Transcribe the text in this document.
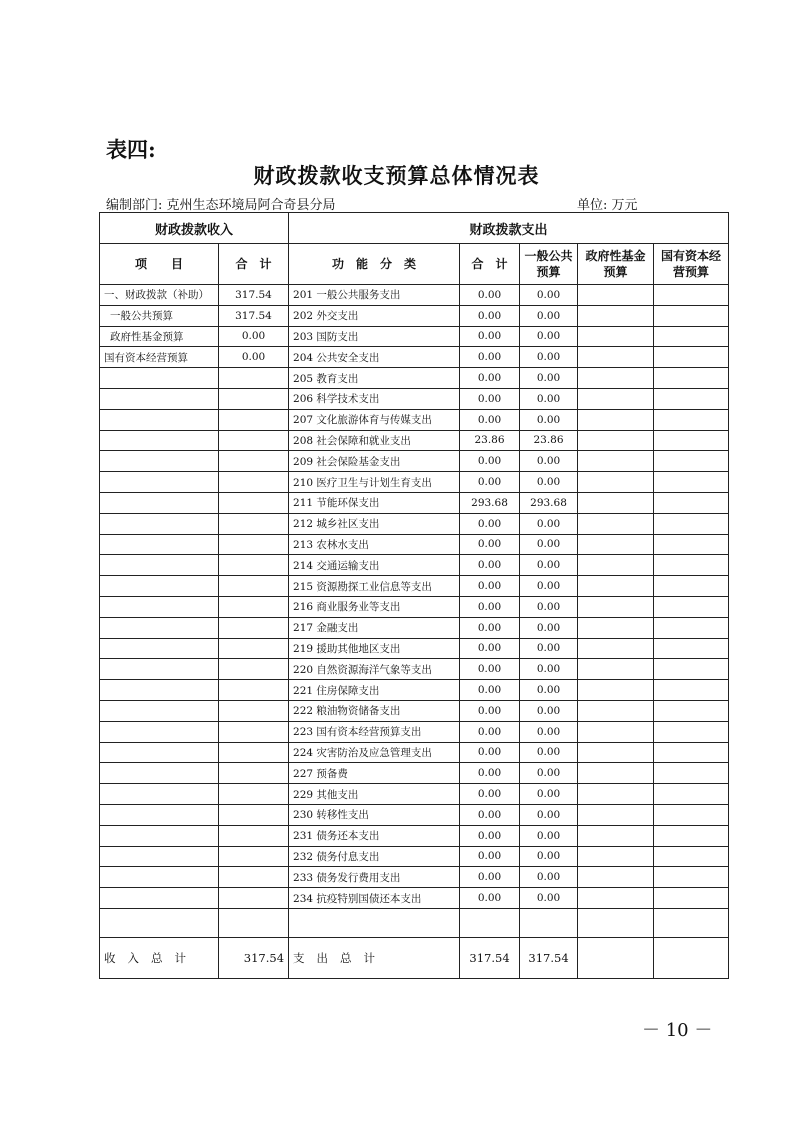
表四:
财政拨款收支预算总体情况表
编制部门: 克州生态环境局阿合奇县分局	单位: 万元
财政拨款收入		财政拨款支出				
项　　目	合　计	功　能　分　类	合　计	一般公共预算	政府性基金预算	国有资本经营预算
一、财政拨款（补助）	317.54	201 一般公共服务支出	0.00	0.00		
一般公共预算	317.54	202 外交支出	0.00	0.00		
政府性基金预算	0.00	203 国防支出	0.00	0.00		
国有资本经营预算	0.00	204 公共安全支出	0.00	0.00		
		205 教育支出	0.00	0.00		
		206 科学技术支出	0.00	0.00		
		207 文化旅游体育与传媒支出	0.00	0.00		
		208 社会保障和就业支出	23.86	23.86		
		209 社会保险基金支出	0.00	0.00		
		210 医疗卫生与计划生育支出	0.00	0.00		
		211 节能环保支出	293.68	293.68		
		212 城乡社区支出	0.00	0.00		
		213 农林水支出	0.00	0.00		
		214 交通运输支出	0.00	0.00		
		215 资源勘探工业信息等支出	0.00	0.00		
		216 商业服务业等支出	0.00	0.00		
		217 金融支出	0.00	0.00		
		219 援助其他地区支出	0.00	0.00		
		220 自然资源海洋气象等支出	0.00	0.00		
		221 住房保障支出	0.00	0.00		
		222 粮油物资储备支出	0.00	0.00		
		223 国有资本经营预算支出	0.00	0.00		
		224 灾害防治及应急管理支出	0.00	0.00		
		227 预备费	0.00	0.00		
		229 其他支出	0.00	0.00		
		230 转移性支出	0.00	0.00		
		231 债务还本支出	0.00	0.00		
		232 债务付息支出	0.00	0.00		
		233 债务发行费用支出	0.00	0.00		
		234 抗疫特别国债还本支出	0.00	0.00		

收入总计	317.54	支出总计	317.54	317.54		
－ 10 －
